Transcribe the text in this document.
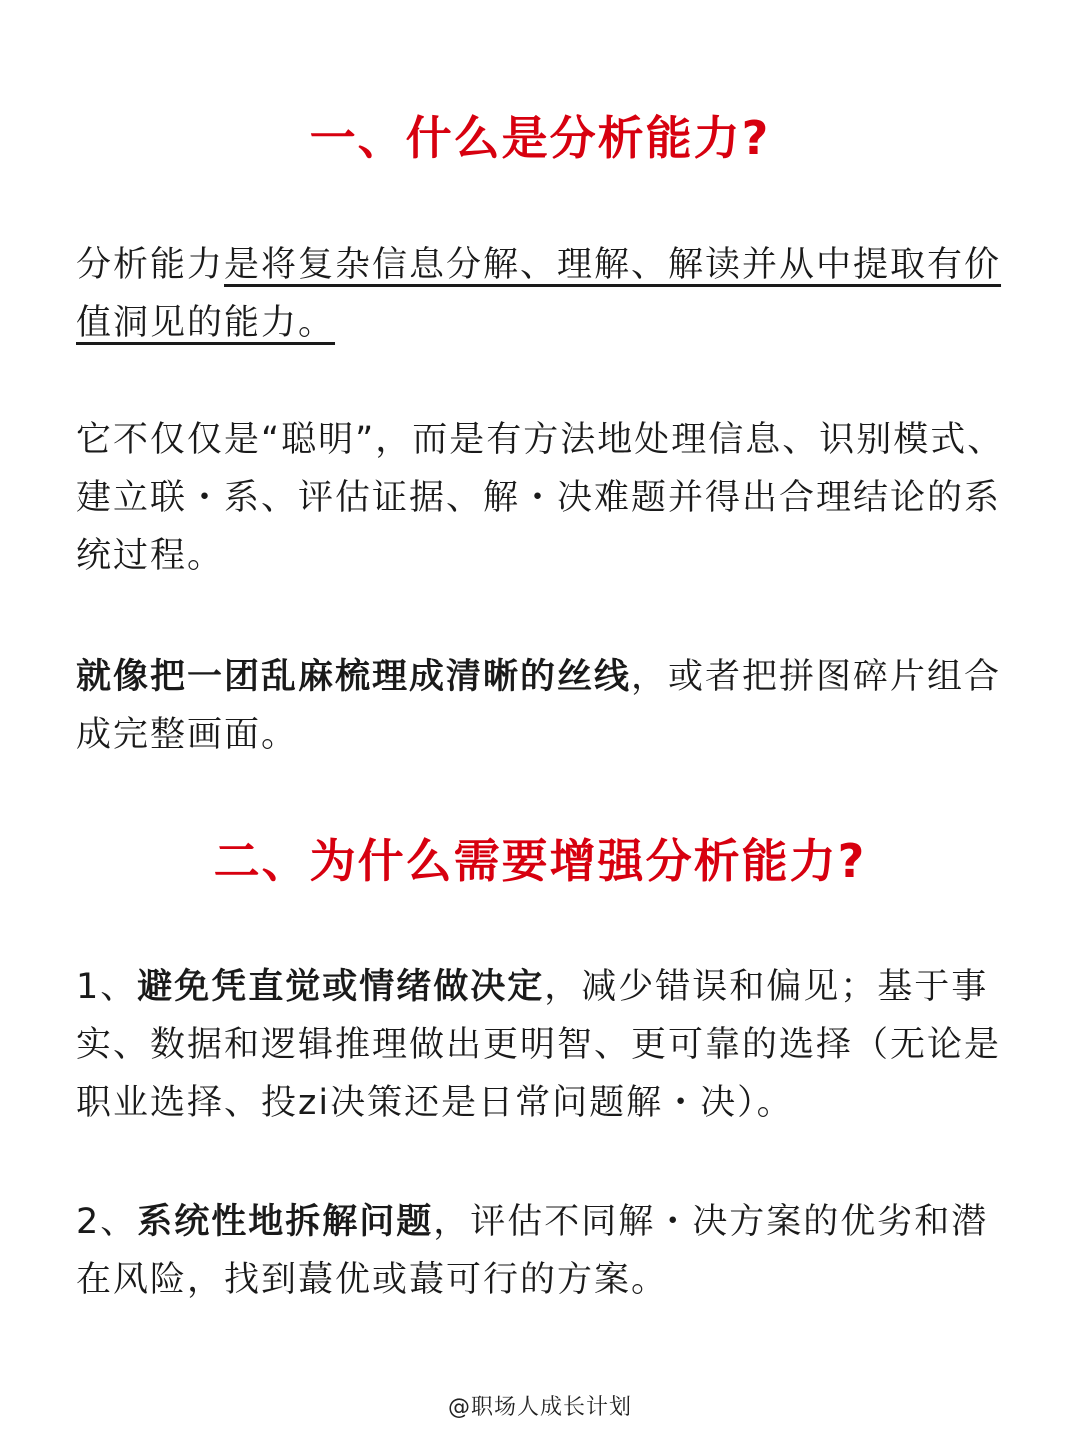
一、什么是分析能力?

分析能力是将复杂信息分解、理解、解读并从中提取有价值洞见的能力。

它不仅仅是“聪明”，而是有方法地处理信息、识别模式、建立联・系、评估证据、解・决难题并得出合理结论的系统过程。

就像把一团乱麻梳理成清晰的丝线，或者把拼图碎片组合成完整画面。

二、为什么需要增强分析能力?

1、避免凭直觉或情绪做决定，减少错误和偏见；基于事实、数据和逻辑推理做出更明智、更可靠的选择（无论是职业选择、投zi决策还是日常问题解・决）。

2、系统性地拆解问题，评估不同解・决方案的优劣和潜在风险，找到蕞优或蕞可行的方案。

@职场人成长计划
